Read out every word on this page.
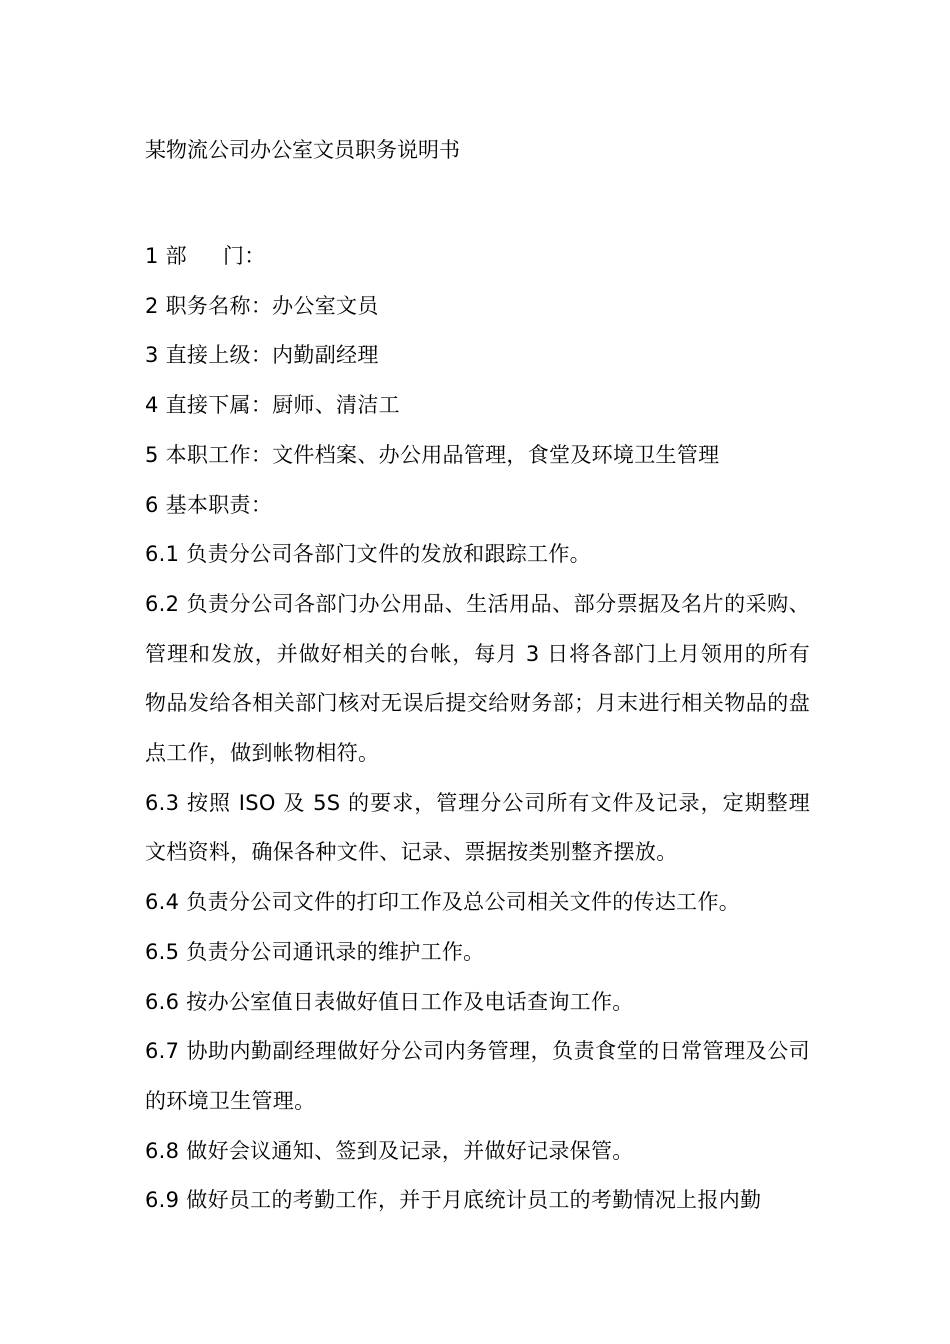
某物流公司办公室文员职务说明书

1 部 门：

2 职务名称：办公室文员

3 直接上级：内勤副经理

4 直接下属：厨师、清洁工

5 本职工作：文件档案、办公用品管理，食堂及环境卫生管理

6 基本职责：

6.1 负责分公司各部门文件的发放和跟踪工作。

6.2 负责分公司各部门办公用品、生活用品、部分票据及名片的采购、管理和发放，并做好相关的台帐，每月 3 日将各部门上月领用的所有物品发给各相关部门核对无误后提交给财务部；月末进行相关物品的盘点工作，做到帐物相符。

6.3 按照 ISO 及 5S 的要求，管理分公司所有文件及记录，定期整理文档资料，确保各种文件、记录、票据按类别整齐摆放。

6.4 负责分公司文件的打印工作及总公司相关文件的传达工作。

6.5 负责分公司通讯录的维护工作。

6.6 按办公室值日表做好值日工作及电话查询工作。

6.7 协助内勤副经理做好分公司内务管理，负责食堂的日常管理及公司的环境卫生管理。

6.8 做好会议通知、签到及记录，并做好记录保管。

6.9 做好员工的考勤工作，并于月底统计员工的考勤情况上报内勤
